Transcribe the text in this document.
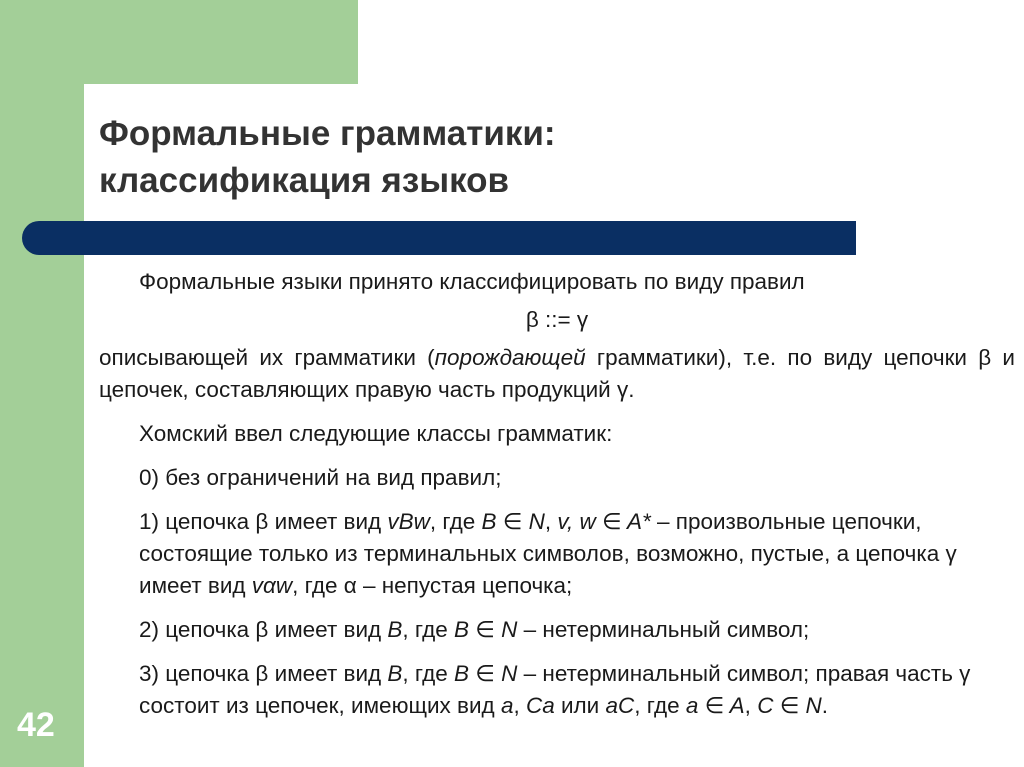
Формальные грамматики:
классификация языков

Формальные языки принято классифицировать по виду правил

β ::= γ

описывающей их грамматики (порождающей грамматики), т.е. по виду цепочки β и цепочек, составляющих правую часть продукций γ.

Хомский ввел следующие классы грамматик:

0) без ограничений на вид правил;

1) цепочка β имеет вид vBw, где B ∈ N, v, w ∈ A* – произвольные цепочки, состоящие только из терминальных символов, возможно, пустые, а цепочка γ имеет вид vαw, где α – непустая цепочка;

2) цепочка β имеет вид B, где B ∈ N – нетерминальный символ;

3) цепочка β имеет вид B, где B ∈ N – нетерминальный символ; правая часть γ состоит из цепочек, имеющих вид a, Ca или aC, где a ∈ A, C ∈ N.

42
